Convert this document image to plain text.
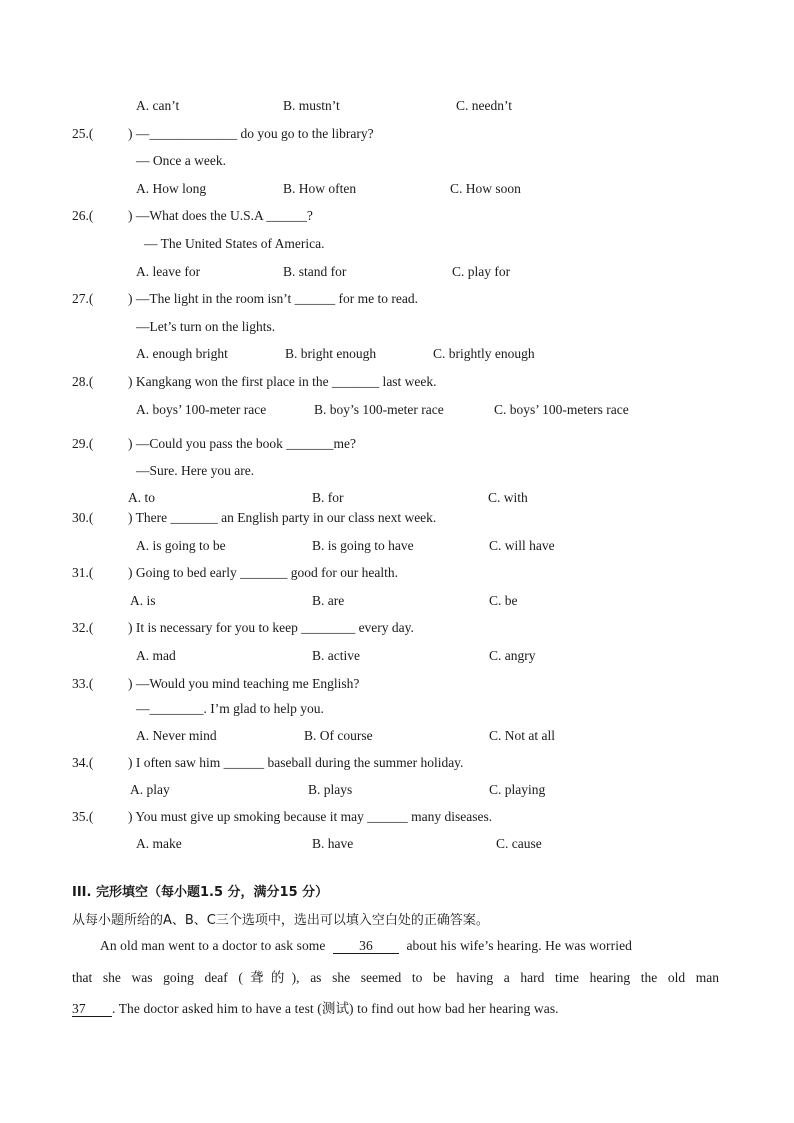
A. can’t	B. mustn’t	C. needn’t
25.(	) —_____________ do you go to the library?
— Once a week.
A. How long	B. How often	C. How soon
26.(	) —What does the U.S.A ______?
— The United States of America.
A. leave for	B. stand for	C. play for
27.(	) —The light in the room isn’t ______ for me to read.
—Let’s turn on the lights.
A. enough bright	B. bright enough	C. brightly enough
28.(	) Kangkang won the first place in the _______ last week.
A. boys’ 100-meter race	B. boy’s 100-meter race	C. boys’ 100-meters race
29.(	) —Could you pass the book _______me?
—Sure. Here you are.
A. to	B. for	C. with
30.(	) There _______ an English party in our class next week.
A. is going to be	B. is going to have	C. will have
31.(	) Going to bed early _______ good for our health.
A. is	B. are	C. be
32.(	) It is necessary for you to keep ________ every day.
A. mad	B. active	C. angry
33.(	) —Would you mind teaching me English?
—________. I’m glad to help you.
A. Never mind	B. Of course	C. Not at all
34.(	) I often saw him ______ baseball during the summer holiday.
A. play	B. plays	C. playing
35.(	) You must give up smoking because it may ______ many diseases.
A. make	B. have	C. cause
III. 完形填空（每小题1.5 分，满分15 分）
从每小题所给的A、B、C三个选项中，选出可以填入空白处的正确答案。
An old man went to a doctor to ask some 36 about his wife’s hearing. He was worried
that she was going deaf (聋的), as she seemed to be having a hard time hearing the old man
37 . The doctor asked him to have a test (测试) to find out how bad her hearing was.
